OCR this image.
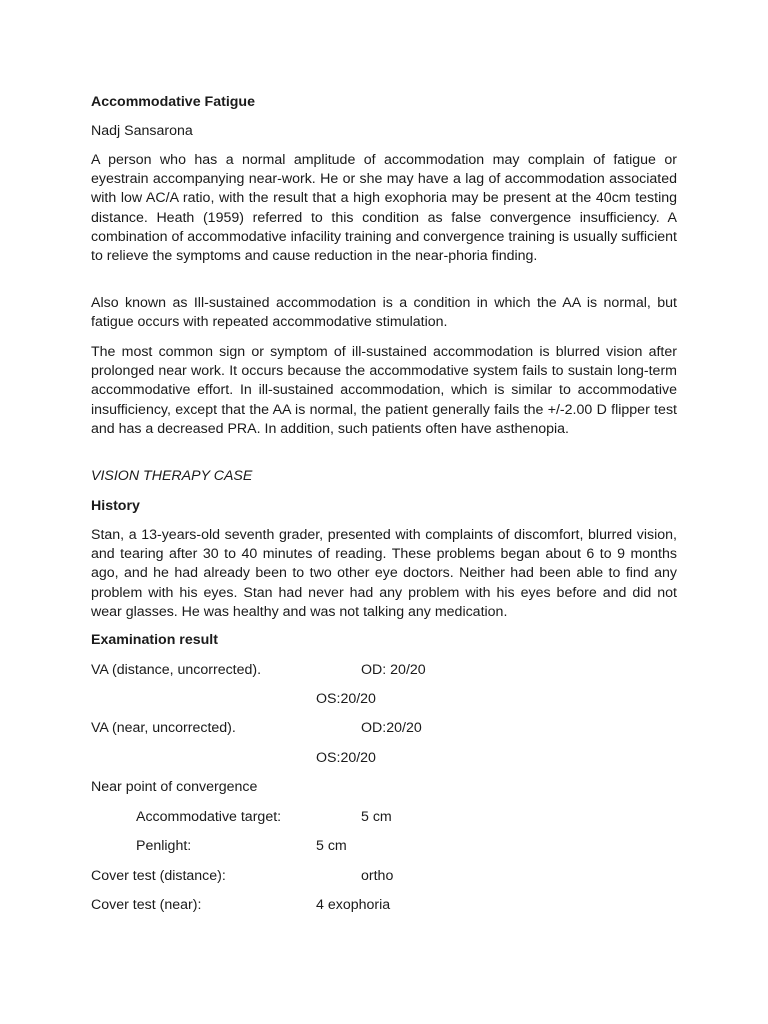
Accommodative Fatigue

Nadj Sansarona

A person who has a normal amplitude of accommodation may complain of fatigue or eyestrain accompanying near-work. He or she may have a lag of accommodation associated with low AC/A ratio, with the result that a high exophoria may be present at the 40cm testing distance. Heath (1959) referred to this condition as false convergence insufficiency. A combination of accommodative infacility training and convergence training is usually sufficient to relieve the symptoms and cause reduction in the near-phoria finding.

Also known as Ill-sustained accommodation is a condition in which the AA is normal, but fatigue occurs with repeated accommodative stimulation.

The most common sign or symptom of ill-sustained accommodation is blurred vision after prolonged near work. It occurs because the accommodative system fails to sustain long-term accommodative effort. In ill-sustained accommodation, which is similar to accommodative insufficiency, except that the AA is normal, the patient generally fails the +/-2.00 D flipper test and has a decreased PRA. In addition, such patients often have asthenopia.

VISION THERAPY CASE

History

Stan, a 13-years-old seventh grader, presented with complaints of discomfort, blurred vision, and tearing after 30 to 40 minutes of reading. These problems began about 6 to 9 months ago, and he had already been to two other eye doctors. Neither had been able to find any problem with his eyes. Stan had never had any problem with his eyes before and did not wear glasses. He was healthy and was not talking any medication.

Examination result

VA (distance, uncorrected).	OD: 20/20

OS:20/20

VA (near, uncorrected).	OD:20/20

OS:20/20

Near point of convergence

Accommodative target:	5 cm

Penlight:	5 cm

Cover test (distance):	ortho

Cover test (near):	4 exophoria
